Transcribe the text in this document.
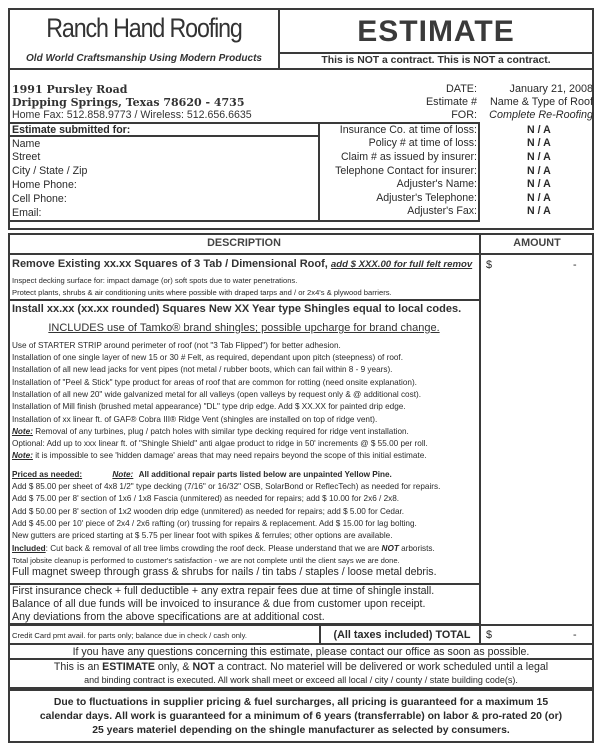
Ranch Hand Roofing
Old World Craftsmanship Using Modern Products
ESTIMATE
This is NOT a contract. This is NOT a contract.
1991 Pursley Road
Dripping Springs, Texas 78620 - 4735
Home Fax: 512.858.9773 / Wireless: 512.656.6635
DATE:	January 21, 2008
Estimate # Name & Type of Roof
FOR: Complete Re-Roofing
Estimate submitted for:
Name
Street
City / State / Zip
Home Phone:
Cell Phone:
Email:
Insurance Co. at time of loss:	N / A
Policy # at time of loss:	N / A
Claim # as issued by insurer:	N / A
Telephone Contact for insurer:	N / A
Adjuster's Name:	N / A
Adjuster's Telephone:	N / A
Adjuster's Fax:	N / A
DESCRIPTION	AMOUNT
Remove Existing xx.xx Squares of 3 Tab / Dimensional Roof, add $ XXX.00 for full felt remov
Inspect decking surface for: impact damage (or) soft spots due to water penetrations.
Protect plants, shrubs & air conditioning units where possible with draped tarps and / or 2x4's & plywood barriers.
$	-
Install xx.xx (xx.xx rounded) Squares New XX Year type Shingles equal to local codes.
INCLUDES use of Tamko® brand shingles; possible upcharge for brand change.
Use of STARTER STRIP around perimeter of roof (not "3 Tab Flipped") for better adhesion.
Installation of one single layer of new 15 or 30 # Felt, as required, dependant upon pitch (steepness) of roof.
Installation of all new lead jacks for vent pipes (not metal / rubber boots, which can fail within 8 - 9 years).
Installation of "Peel & Stick" type product for areas of roof that are common for rotting (need onsite explanation).
Installation of all new 20" wide galvanized metal for all valleys (open valleys by request only & @ additional cost).
Installation of Mill finish (brushed metal appearance) "DL" type drip edge. Add $ XX.XX for painted drip edge.
Installation of xx linear ft. of GAF® Cobra III® Ridge Vent (shingles are installed on top of ridge vent).
Note: Removal of any turbines, plug / patch holes with similar type decking required for ridge vent installation.
Optional: Add up to xxx linear ft. of "Shingle Shield" anti algae product to ridge in 50' increments @ $ 55.00 per roll.
Note: it is impossible to see 'hidden damage' areas that may need repairs beyond the scope of this initial estimate.
Priced as needed:	Note: All additional repair parts listed below are unpainted Yellow Pine.
Add $ 85.00 per sheet of 4x8 1/2" type decking (7/16" or 16/32" OSB, SolarBond or ReflecTech) as needed for repairs.
Add $ 75.00 per 8' section of 1x6 / 1x8 Fascia (unmitered) as needed for repairs; add $ 10.00 for 2x6 / 2x8.
Add $ 50.00 per 8' section of 1x2 wooden drip edge (unmitered) as needed for repairs; add $ 5.00 for Cedar.
Add $ 45.00 per 10' piece of 2x4 / 2x6 rafting (or) trussing for repairs & replacement. Add $ 15.00 for lag bolting.
New gutters are priced starting at $ 5.75 per linear foot with spikes & ferrules; other options are available.
Included: Cut back & removal of all tree limbs crowding the roof deck. Please understand that we are NOT arborists.
Total jobsite cleanup is performed to customer's satisfaction - we are not complete until the client says we are done.
Full magnet sweep through grass & shrubs for nails / tin tabs / staples / loose metal debris.
First insurance check + full deductible + any extra repair fees due at time of shingle install.
Balance of all due funds will be invoiced to insurance & due from customer upon receipt.
Any deviations from the above specifications are at additional cost.
Credit Card pmt avail. for parts only; balance due in check / cash only.	(All taxes included) TOTAL	$	-
If you have any questions concerning this estimate, please contact our office as soon as possible.
This is an ESTIMATE only, & NOT a contract. No materiel will be delivered or work scheduled until a legal
and binding contract is executed. All work shall meet or exceed all local / city / county / state building code(s).
Due to fluctuations in supplier pricing & fuel surcharges, all pricing is guaranteed for a maximum 15
calendar days. All work is guaranteed for a minimum of 6 years (transferrable) on labor & pro-rated 20 (or)
25 years materiel depending on the shingle manufacturer as selected by consumers.
